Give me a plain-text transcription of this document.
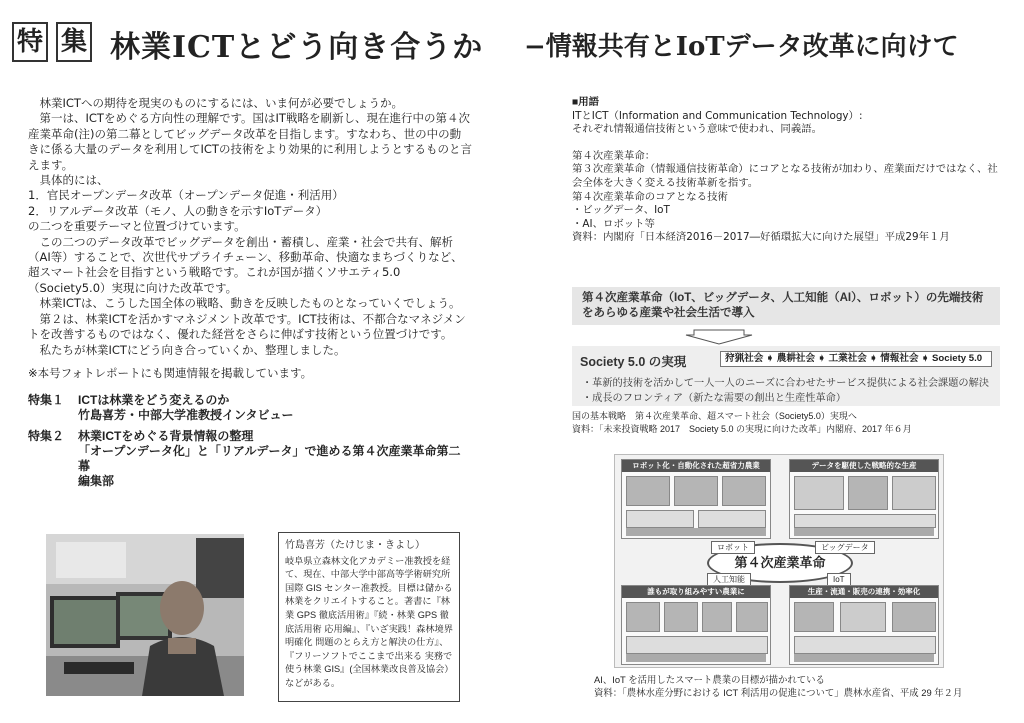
特 集 林業ICTとどう向き合うか −情報共有とIoTデータ改革に向けて

林業ICTへの期待を現実のものにするには、いま何が必要でしょうか。

第一は、ICTをめぐる方向性の理解です。国はIT戦略を刷新し、現在進行中の第４次産業革命(注)の第二幕としてビッグデータ改革を目指します。すなわち、世の中の動きに係る大量のデータを利用してICTの技術をより効果的に利用しようとするものと言えます。

具体的には、

1．官民オープンデータ改革（オープンデータ促進・利活用）

2．リアルデータ改革（モノ、人の動きを示すIoTデータ）

の二つを重要テーマと位置づけています。

この二つのデータ改革でビッグデータを創出・蓄積し、産業・社会で共有、解析（AI等）することで、次世代サプライチェーン、移動革命、快適なまちづくりなど、超スマート社会を目指すという戦略です。これが国が描くソサエティ5.0（Society5.0）実現に向けた改革です。

林業ICTは、こうした国全体の戦略、動きを反映したものとなっていくでしょう。

第２は、林業ICTを活かすマネジメント改革です。ICT技術は、不都合なマネジメントを改善するものではなく、優れた経営をさらに伸ばす技術という位置づけです。

私たちが林業ICTにどう向き合っていくか、整理しました。

※本号フォトレポートにも関連情報を掲載しています。

特集１	ICTは林業をどう変えるのか
竹島喜芳・中部大学准教授インタビュー
特集２	林業ICTをめぐる背景情報の整理
「オープンデータ化」と「リアルデータ」で進める第４次産業革命第二幕
編集部
竹島喜芳（たけじま・きよし）
岐阜県立森林文化アカデミー准教授を経て、現在、中部大学中部高等学術研究所国際 GIS センター准教授。目標は儲かる林業をクリエイトすること。著書に『林業 GPS 徹底活用術』『続・林業 GPS 徹底活用術 応用編』、『いざ実践！森林境界明確化 問題のとらえ方と解決の仕方』、『フリーソフトでここまで出来る 実務で使う林業 GIS』(全国林業改良普及協会）などがある。
■用語
ITとICT（Information and Communication Technology）:
それぞれ情報通信技術という意味で使われ、同義語。
第４次産業革命：
第３次産業革命（情報通信技術革命）にコアとなる技術が加わり、産業面だけではなく、社会全体を大きく変える技術革新を指す。
第４次産業革命のコアとなる技術
・ビッグデータ、IoT
・AI、ロボット等
資料：内閣府「日本経済2016－2017―好循環拡大に向けた展望」平成29年１月
第４次産業革命（IoT、ビッグデータ、人工知能（AI）、ロボット）の先端技術をあらゆる産業や社会生活で導入
Society 5.0 の実現	狩猟社会 ➧ 農耕社会 ➧ 工業社会 ➧ 情報社会 ➧ Society 5.0
・革新的技術を活かして一人一人のニーズに合わせたサービス提供による社会課題の解決
・成長のフロンティア（新たな需要の創出と生産性革命）
国の基本戦略　第４次産業革命、超スマート社会（Society5.0）実現へ
資料：「未来投資戦略 2017　Society 5.0 の実現に向けた改革」内閣府、2017 年６月
ロボット化・自動化された超省力農業	データを駆使した戦略的な生産
第４次産業革命
ロボット	ビッグデータ
人工知能	IoT
誰もが取り組みやすい農業に	生産・流通・販売の連携・効率化
AI、IoT を活用したスマート農業の目標が描かれている
資料：「農林水産分野における ICT 利活用の促進について」農林水産省、平成 29 年２月
